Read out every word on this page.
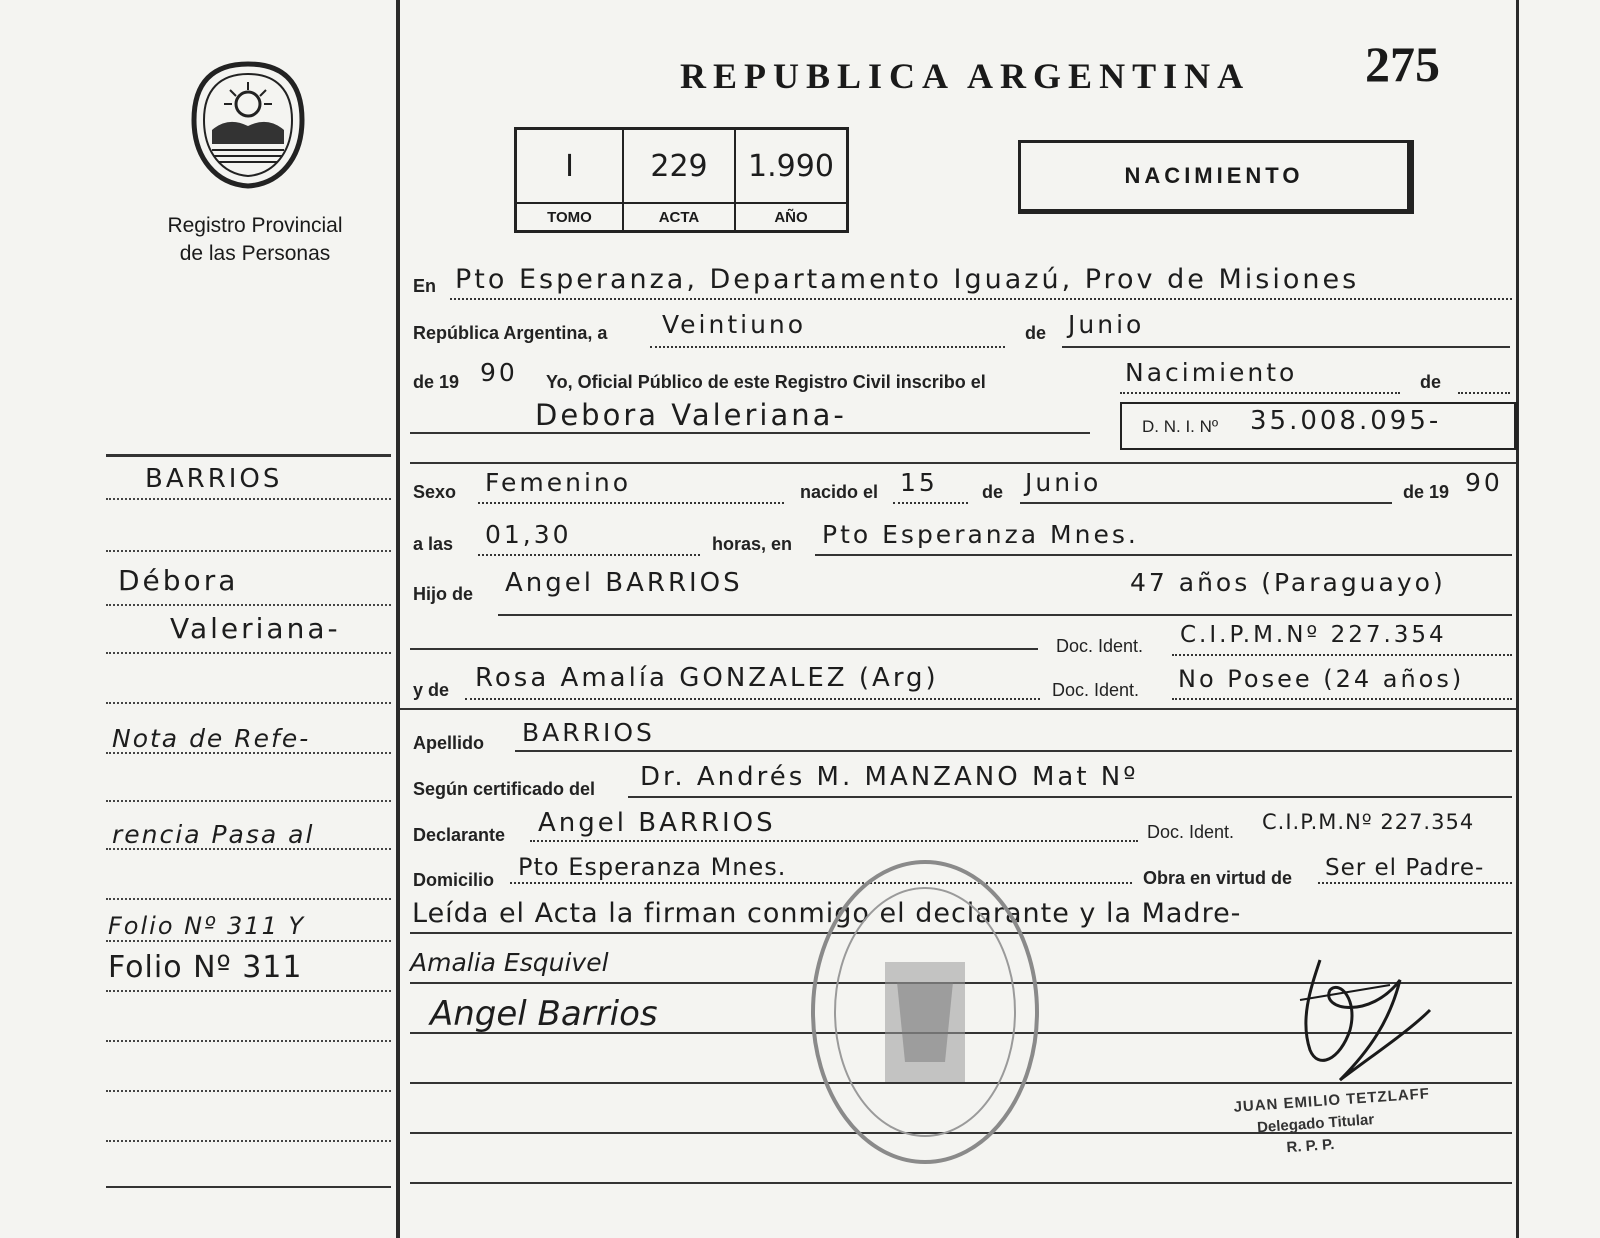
Registro Provincial
de las Personas
REPUBLICA ARGENTINA 275
I	229	1.990
TOMO	ACTA	AÑO
NACIMIENTO
En Pto Esperanza, Departamento Iguazú, Prov de Misiones
República Argentina, a Veintiuno	de Junio
de 19 90 Yo, Oficial Público de este Registro Civil inscribo el	Nacimiento	de
Debora Valeriana-	D. N. I. Nº 35.008.095-
Sexo Femenino	nacido el 15 de Junio	de 19 90
a las 01,30	horas, en Pto Esperanza Mnes.
Hijo de Angel BARRIOS	47 años (Paraguayo)
Doc. Ident. C.I.P.M.Nº 227.354
y de Rosa Amalía GONZALEZ (Arg)	Doc. Ident. No Posee (24 años)
Apellido BARRIOS
Según certificado del Dr. Andrés M. MANZANO Mat Nº
Declarante Angel BARRIOS	Doc. Ident. C.I.P.M.Nº 227.354
Domicilio Pto Esperanza Mnes.	Obra en virtud de Ser el Padre-
Leída el Acta la firman conmigo el declarante y la Madre-
Amalia Esquivel
Angel Barrios
JUAN EMILIO TETZLAFF
Delegado Titular
R. P. P.
BARRIOS
Débora
Valeriana-
Nota de Refe-
rencia Pasa al
Folio Nº 311 Y
Folio Nº 311
